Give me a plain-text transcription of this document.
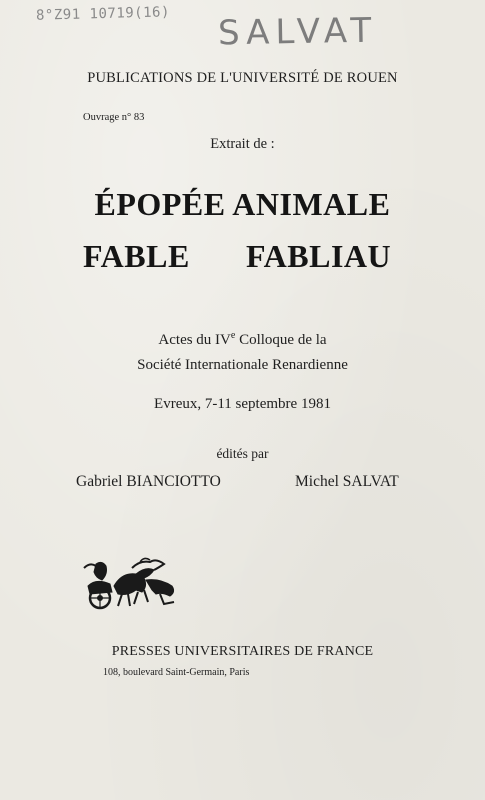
8°Z91 10719(16) SALVAT
PUBLICATIONS DE L'UNIVERSITÉ DE ROUEN
Ouvrage n° 83
Extrait de :
ÉPOPÉE ANIMALE
FABLE FABLIAU
Actes du IVe Colloque de la
Société Internationale Renardienne
Evreux, 7-11 septembre 1981
édités par
Gabriel BIANCIOTTO	Michel SALVAT
PRESSES UNIVERSITAIRES DE FRANCE
108, boulevard Saint-Germain, Paris
